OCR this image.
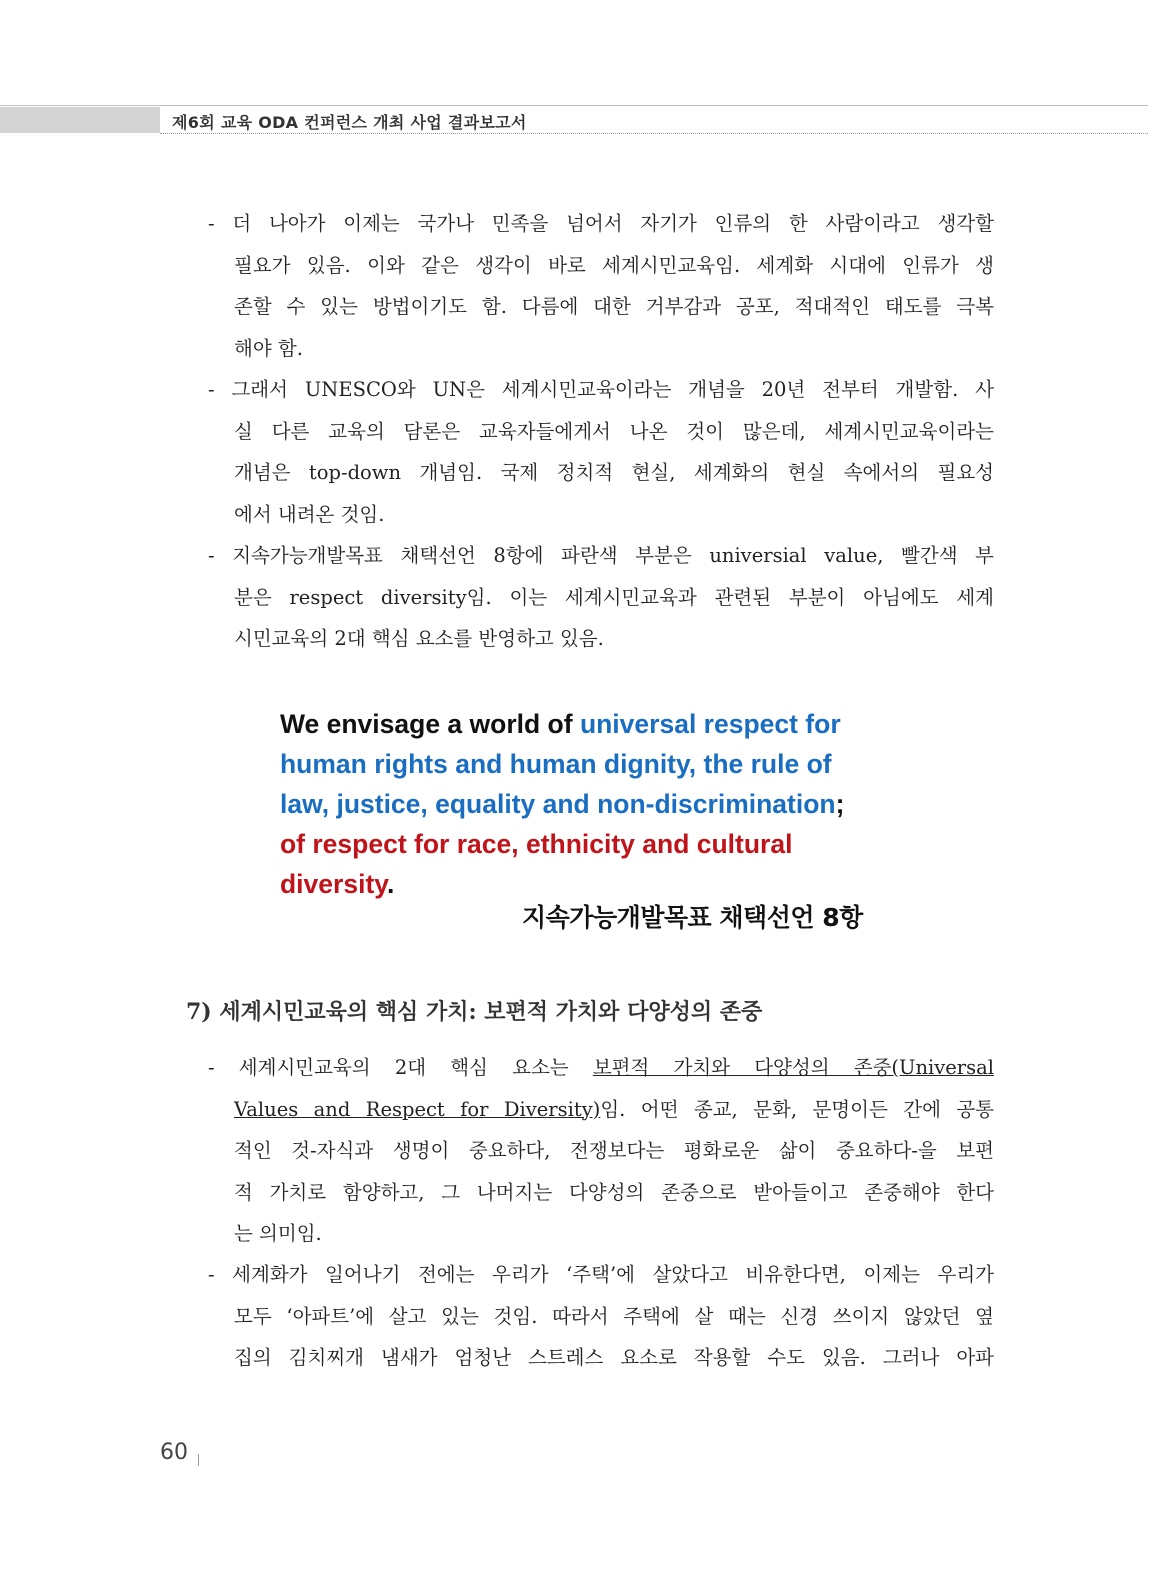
제6회 교육 ODA 컨퍼런스 개최 사업 결과보고서
- 더 나아가 이제는 국가나 민족을 넘어서 자기가 인류의 한 사람이라고 생각할
필요가 있음. 이와 같은 생각이 바로 세계시민교육임. 세계화 시대에 인류가 생
존할 수 있는 방법이기도 함. 다름에 대한 거부감과 공포, 적대적인 태도를 극복
해야 함.
- 그래서 UNESCO와 UN은 세계시민교육이라는 개념을 20년 전부터 개발함. 사
실 다른 교육의 담론은 교육자들에게서 나온 것이 많은데, 세계시민교육이라는
개념은 top-down 개념임. 국제 정치적 현실, 세계화의 현실 속에서의 필요성
에서 내려온 것임.
- 지속가능개발목표 채택선언 8항에 파란색 부분은 universial value, 빨간색 부
분은 respect diversity임. 이는 세계시민교육과 관련된 부분이 아님에도 세계
시민교육의 2대 핵심 요소를 반영하고 있음.
We envisage a world of universal respect for
human rights and human dignity, the rule of
law, justice, equality and non-discrimination;
of respect for race, ethnicity and cultural
diversity.
지속가능개발목표 채택선언 8항
7) 세계시민교육의 핵심 가치: 보편적 가치와 다양성의 존중
- 세계시민교육의 2대 핵심 요소는 보편적 가치와 다양성의 존중(Universal
Values and Respect for Diversity)임. 어떤 종교, 문화, 문명이든 간에 공통
적인 것-자식과 생명이 중요하다, 전쟁보다는 평화로운 삶이 중요하다-을 보편
적 가치로 함양하고, 그 나머지는 다양성의 존중으로 받아들이고 존중해야 한다
는 의미임.
- 세계화가 일어나기 전에는 우리가 ‘주택’에 살았다고 비유한다면, 이제는 우리가
모두 ‘아파트’에 살고 있는 것임. 따라서 주택에 살 때는 신경 쓰이지 않았던 옆
집의 김치찌개 냄새가 엄청난 스트레스 요소로 작용할 수도 있음. 그러나 아파
60
